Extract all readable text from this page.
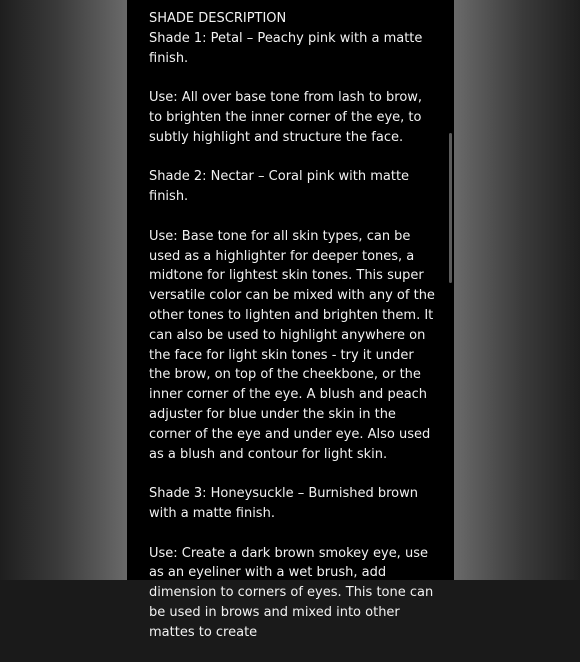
SHADE DESCRIPTION

Shade 1: Petal – Peachy pink with a matte finish.

Use: All over base tone from lash to brow, to brighten the inner corner of the eye, to subtly highlight and structure the face.

Shade 2: Nectar – Coral pink with matte finish.

Use: Base tone for all skin types, can be used as a highlighter for deeper tones, a midtone for lightest skin tones. This super versatile color can be mixed with any of the other tones to lighten and brighten them. It can also be used to highlight anywhere on the face for light skin tones - try it under the brow, on top of the cheekbone, or the inner corner of the eye. A blush and peach adjuster for blue under the skin in the corner of the eye and under eye. Also used as a blush and contour for light skin.

Shade 3: Honeysuckle – Burnished brown with a matte finish.

Use: Create a dark brown smokey eye, use as an eyeliner with a wet brush, add dimension to corners of eyes. This tone can be used in brows and mixed into other mattes to create
